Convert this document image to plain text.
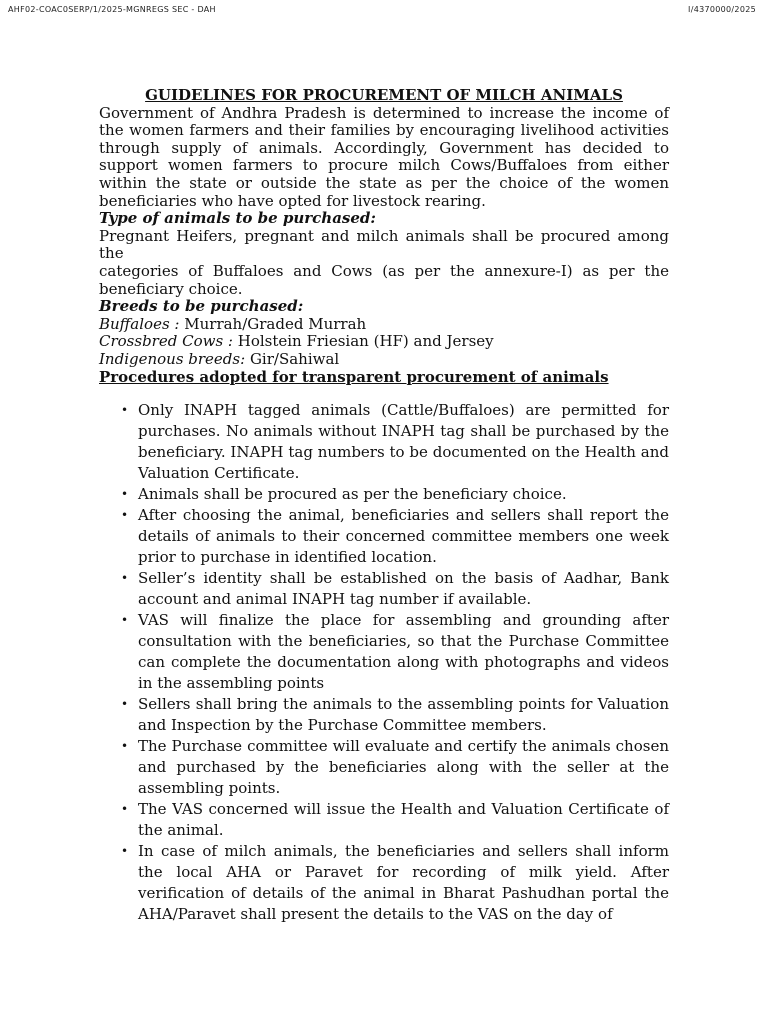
AHF02-COAC0SERP/1/2025-MGNREGS SEC - DAH	I/4370000/2025
GUIDELINES FOR PROCUREMENT OF MILCH ANIMALS

Government of Andhra Pradesh is determined to increase the income of the women farmers and their families by encouraging livelihood activities through supply of animals. Accordingly, Government has decided to support women farmers to procure milch Cows/Buffaloes from either within the state or outside the state as per the choice of the women beneficiaries who have opted for livestock rearing.

Type of animals to be purchased:

Pregnant Heifers, pregnant and milch animals shall be procured among the

categories of Buffaloes and Cows (as per the annexure-I) as per the beneficiary choice.

Breeds to be purchased:
Buffaloes : Murrah/Graded Murrah
Crossbred Cows : Holstein Friesian (HF) and Jersey
Indigenous breeds: Gir/Sahiwal
Procedures adopted for transparent procurement of animals
• Only INAPH tagged animals (Cattle/Buffaloes) are permitted for purchases. No animals without INAPH tag shall be purchased by the beneficiary. INAPH tag numbers to be documented on the Health and Valuation Certificate.
• Animals shall be procured as per the beneficiary choice.
• After choosing the animal, beneficiaries and sellers shall report the details of animals to their concerned committee members one week prior to purchase in identified location.
• Seller’s identity shall be established on the basis of Aadhar, Bank account and animal INAPH tag number if available.
• VAS will finalize the place for assembling and grounding after consultation with the beneficiaries, so that the Purchase Committee can complete the documentation along with photographs and videos in the assembling points
• Sellers shall bring the animals to the assembling points for Valuation and Inspection by the Purchase Committee members.
• The Purchase committee will evaluate and certify the animals chosen and purchased by the beneficiaries along with the seller at the assembling points.
• The VAS concerned will issue the Health and Valuation Certificate of the animal.
• In case of milch animals, the beneficiaries and sellers shall inform the local AHA or Paravet for recording of milk yield. After verification of details of the animal in Bharat Pashudhan portal the AHA/Paravet shall present the details to the VAS on the day of
